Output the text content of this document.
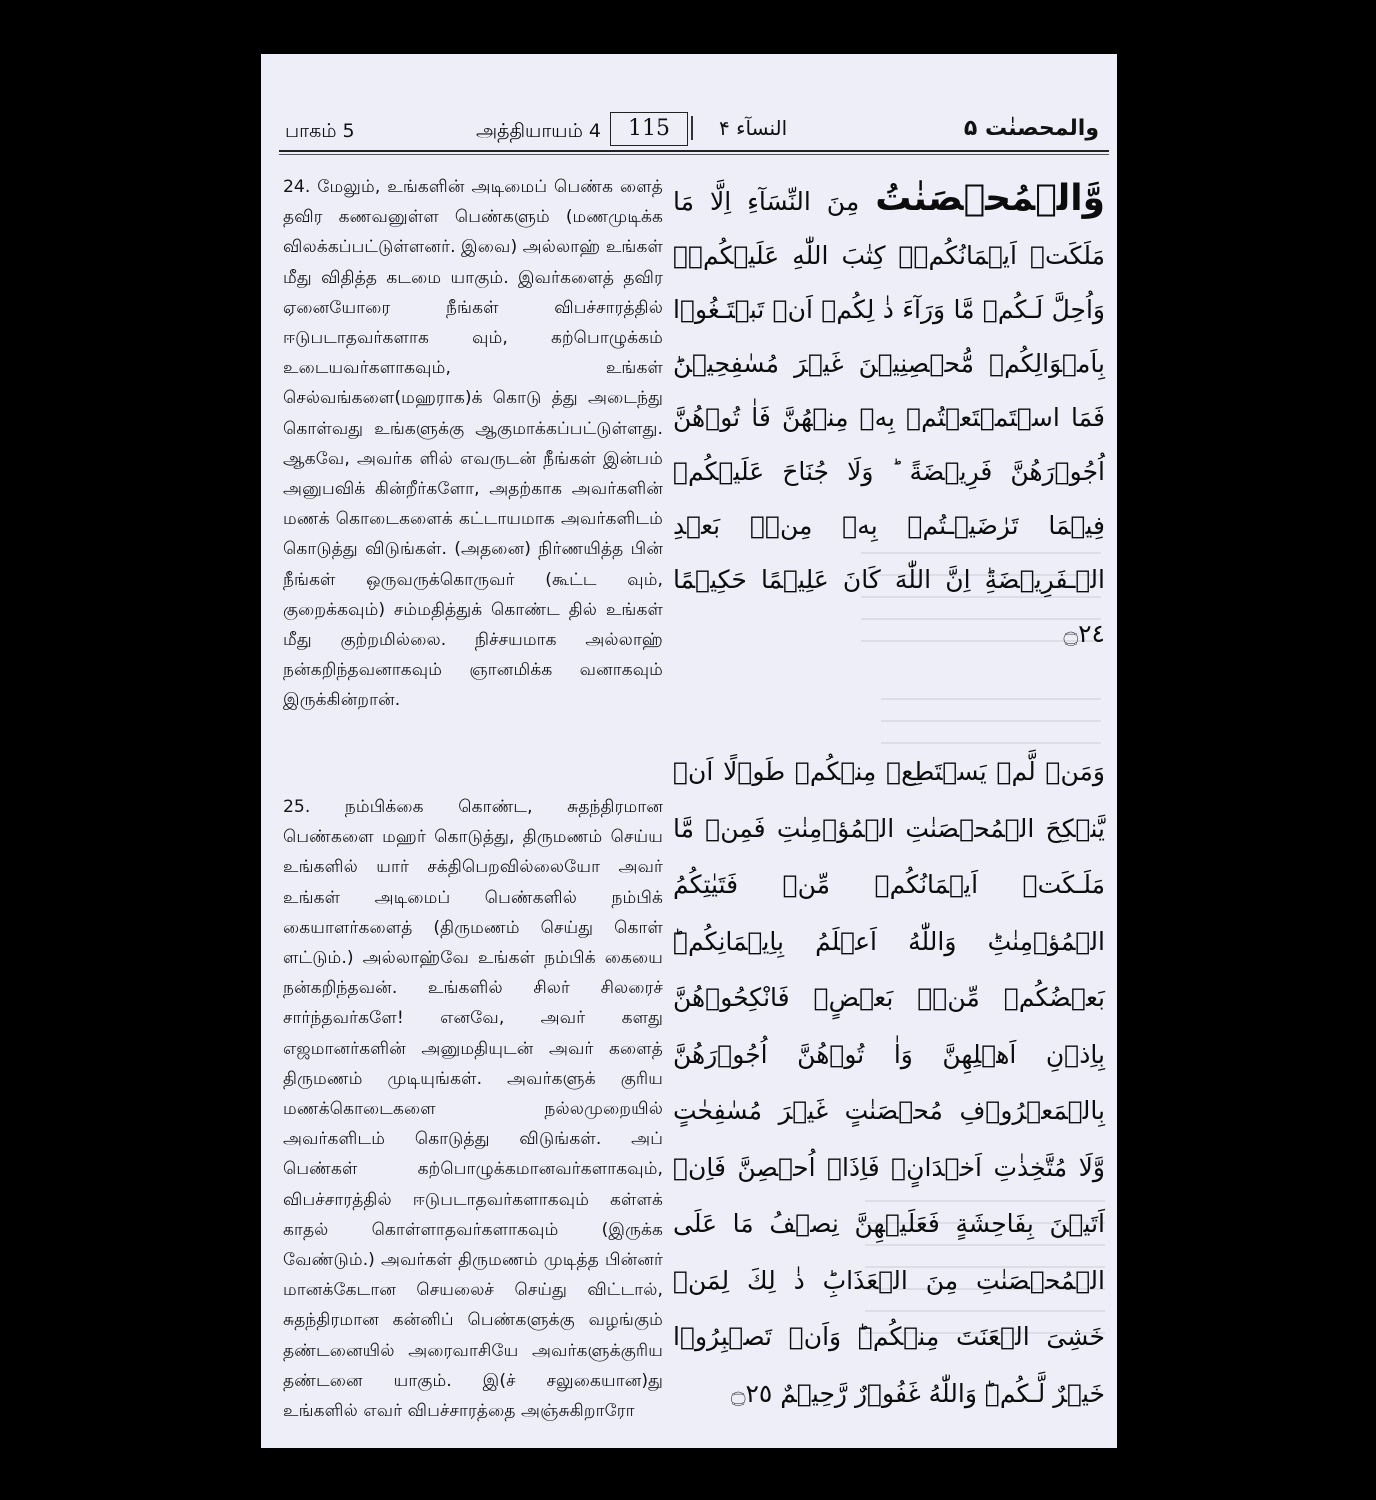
பாகம் 5	அத்தியாயம் 4	115	النسآء ۴	والمحصنٰت ۵

24. மேலும், உங்களின் அடிமைப் பெண்க ளைத் தவிர கணவனுள்ள பெண்களும் (மணமுடிக்க விலக்கப்பட்டுள்ளனர். இவை) அல்லாஹ் உங்கள் மீது விதித்த கடமை யாகும். இவர்களைத் தவிர ஏனையோரை நீங்கள் விபச்சாரத்தில் ஈடுபடாதவர்களாக வும், கற்பொழுக்கம் உடையவர்களாகவும், உங்கள் செல்வங்களை(மஹராக)க் கொடு த்து அடைந்து கொள்வது உங்களுக்கு ஆகுமாக்கப்பட்டுள்ளது. ஆகவே, அவர்க ளில் எவருடன் நீங்கள் இன்பம் அனுபவிக் கின்றீர்களோ, அதற்காக அவர்களின் மணக் கொடைகளைக் கட்டாயமாக அவர்களிடம் கொடுத்து விடுங்கள். (அதனை) நிர்ணயித்த பின் நீங்கள் ஒருவருக்கொருவர் (கூட்ட வும், குறைக்கவும்) சம்மதித்துக் கொண்ட தில் உங்கள் மீது குற்றமில்லை. நிச்சயமாக அல்லாஹ் நன்கறிந்தவனாகவும் ஞானமிக்க வனாகவும் இருக்கின்றான்.

وَّالۡمُحۡصَنٰتُ مِنَ النِّسَآءِ اِلَّا مَا مَلَكَتۡ اَيۡمَانُكُمۡ‌ۚ كِتٰبَ اللّٰهِ عَلَيۡكُمۡ‌ۚ وَاُحِلَّ لَـكُمۡ مَّا وَرَآءَ ذٰ لِكُمۡ اَنۡ تَبۡتَـغُوۡا بِاَمۡوَالِكُمۡ مُّحۡصِنِيۡنَ غَيۡرَ مُسٰفِحِيۡنَ‌ؕ فَمَا اسۡتَمۡتَعۡتُمۡ بِهٖ مِنۡهُنَّ فَاٰ تُوۡهُنَّ اُجُوۡرَهُنَّ فَرِيۡضَةً ‌ؕ وَلَا جُنَاحَ عَلَيۡكُمۡ فِيۡمَا تَرٰضَيۡـتُمۡ بِهٖ مِنۡۢ بَعۡدِ الۡـفَرِيۡضَةِ‌ؕ اِنَّ اللّٰهَ كَانَ عَلِيۡمًا حَكِيۡمًا ۝٢٤

25. நம்பிக்கை கொண்ட, சுதந்திரமான பெண்களை மஹர் கொடுத்து, திருமணம் செய்ய உங்களில் யார் சக்திபெறவில்லையோ அவர் உங்கள் அடிமைப் பெண்களில் நம்பிக் கையாளர்களைத் (திருமணம் செய்து கொள் ளட்டும்.) அல்லாஹ்வே உங்கள் நம்பிக் கையை நன்கறிந்தவன். உங்களில் சிலர் சிலரைச் சார்ந்தவர்களே! எனவே, அவர் களது எஜமானர்களின் அனுமதியுடன் அவர் களைத் திருமணம் முடியுங்கள். அவர்களுக் குரிய மணக்கொடைகளை நல்லமுறையில் அவர்களிடம் கொடுத்து விடுங்கள். அப் பெண்கள் கற்பொழுக்கமானவர்களாகவும், விபச்சாரத்தில் ஈடுபடாதவர்களாகவும் கள்ளக் காதல் கொள்ளாதவர்களாகவும் (இருக்க வேண்டும்.) அவர்கள் திருமணம் முடித்த பின்னர் மானக்கேடான செயலைச் செய்து விட்டால், சுதந்திரமான கன்னிப் பெண்களுக்கு வழங்கும் தண்டனையில் அரைவாசியே அவர்களுக்குரிய தண்டனை யாகும். இ(ச் சலுகையான)து உங்களில் எவர் விபச்சாரத்தை அஞ்சுகிறாரோ

وَمَنۡ لَّمۡ يَسۡتَطِعۡ مِنۡكُمۡ طَوۡلًا اَنۡ يَّنۡكِحَ الۡمُحۡصَنٰتِ الۡمُؤۡمِنٰتِ فَمِنۡ مَّا مَلَـكَتۡ اَيۡمَانُكُمۡ مِّنۡ فَتَيٰتِكُمُ الۡمُؤۡمِنٰتِ‌ؕ وَاللّٰهُ اَعۡلَمُ بِاِيۡمَانِكُمۡ‌ؕ بَعۡضُكُمۡ مِّنۡۢ بَعۡضٍ‌ۚ فَانْكِحُوۡهُنَّ بِاِذۡنِ اَهۡلِهِنَّ وَاٰ تُوۡهُنَّ اُجُوۡرَهُنَّ بِالۡمَعۡرُوۡفِ مُحۡصَنٰتٍ غَيۡرَ مُسٰفِحٰتٍ وَّلَا مُتَّخِذٰتِ اَخۡدَانٍ‌ۚ فَاِذَاۤ اُحۡصِنَّ فَاِنۡ اَتَيۡنَ بِفَاحِشَةٍ فَعَلَيۡهِنَّ نِصۡفُ مَا عَلَى الۡمُحۡصَنٰتِ مِنَ الۡعَذَابِ‌ؕ ذٰ لِكَ لِمَنۡ خَشِىَ الۡعَنَتَ مِنۡكُمۡ‌ؕ وَاَنۡ تَصۡبِرُوۡا خَيۡرٌ لَّـكُمۡ‌ؕ وَاللّٰهُ غَفُوۡرٌ رَّحِيۡمٌ ۝٢٥
